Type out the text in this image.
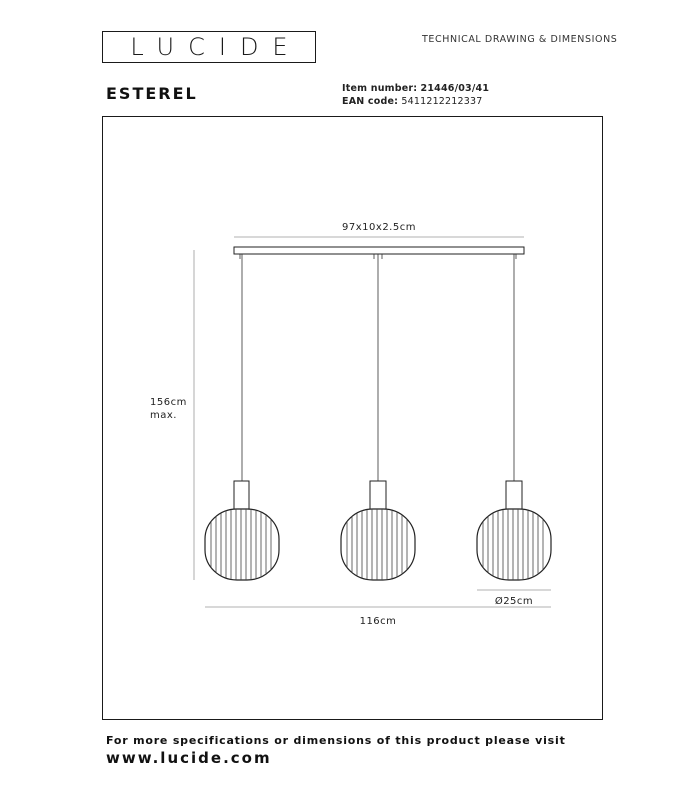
LUCIDE	TECHNICAL DRAWING & DIMENSIONS
ESTEREL	Item number: 21446/03/41
EAN code: 5411212212337
97x10x2.5cm
156cm
max.
Ø25cm
116cm
For more specifications or dimensions of this product please visit
www.lucide.com
